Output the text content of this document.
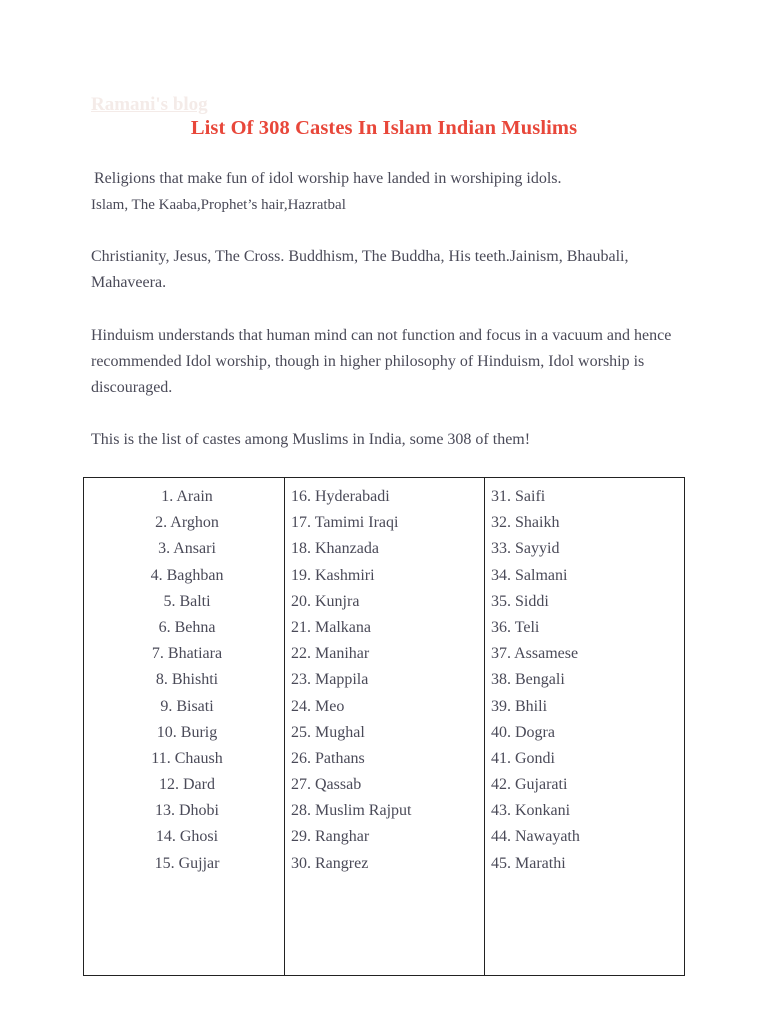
Ramani's blog
List Of 308 Castes In Islam Indian Muslims

Religions that make fun of idol worship have landed in worshiping idols.

Islam, The Kaaba,Prophet’s hair,Hazratbal

Christianity, Jesus, The Cross. Buddhism, The Buddha, His teeth.Jainism, Bhaubali, Mahaveera.

Hinduism understands that human mind can not function and focus in a vacuum and hence recommended Idol worship, though in higher philosophy of Hinduism, Idol worship is discouraged.

This is the list of castes among Muslims in India, some 308 of them!

1. Arain
2. Arghon
3. Ansari
4. Baghban
5. Balti
6. Behna
7. Bhatiara
8. Bhishti
9. Bisati
10. Burig
11. Chaush
12. Dard
13. Dhobi
14. Ghosi
15. Gujjar
16. Hyderabadi
17. Tamimi Iraqi
18. Khanzada
19. Kashmiri
20. Kunjra
21. Malkana
22. Manihar
23. Mappila
24. Meo
25. Mughal
26. Pathans
27. Qassab
28. Muslim Rajput
29. Ranghar
30. Rangrez
31. Saifi
32. Shaikh
33. Sayyid
34. Salmani
35. Siddi
36. Teli
37. Assamese
38. Bengali
39. Bhili
40. Dogra
41. Gondi
42. Gujarati
43. Konkani
44. Nawayath
45. Marathi
